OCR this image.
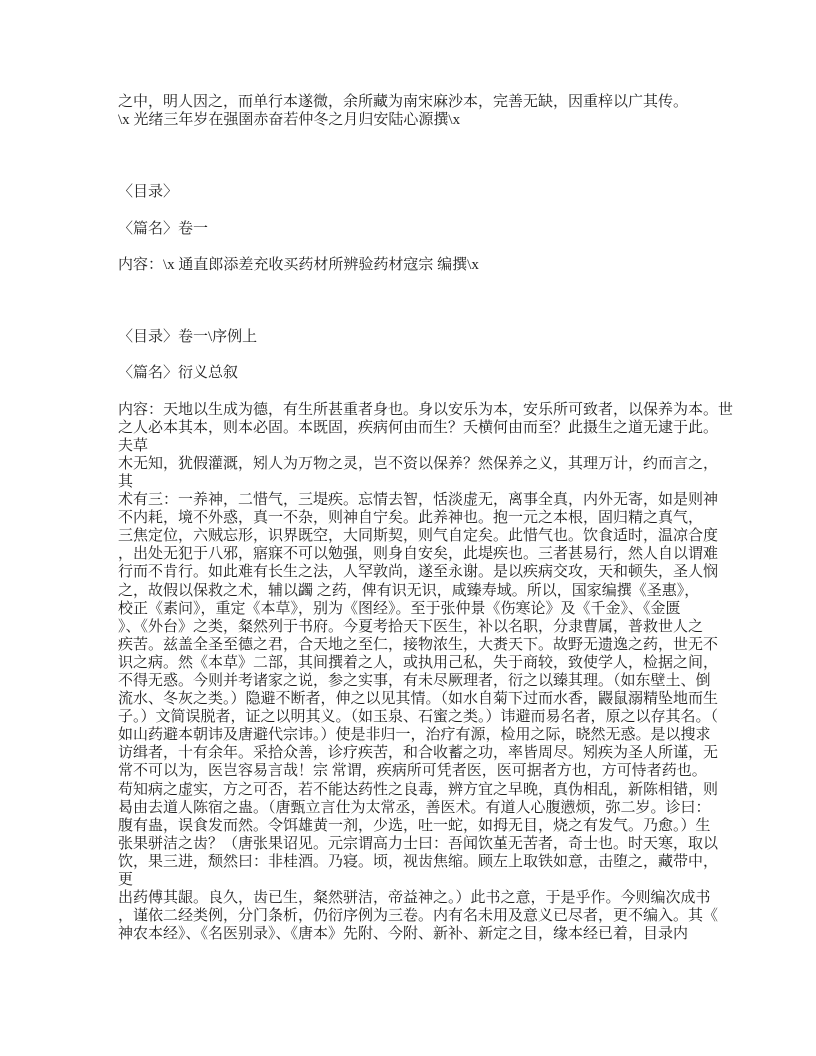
之中，明人因之，而单行本遂微，余所藏为南宋麻沙本，完善无缺，因重梓以广其传。
\x 光绪三年岁在强圉赤奋若仲冬之月归安陆心源撰\x

〈目录〉

〈篇名〉卷一

内容：\x 通直郎添差充收买药材所辨验药材寇宗 编撰\x

〈目录〉卷一\序例上

〈篇名〉衍义总叙

内容：天地以生成为德，有生所甚重者身也。身以安乐为本，安乐所可致者，以保养为本。世
之人必本其本，则本必固。本既固，疾病何由而生？夭横何由而至？此摄生之道无逮于此。
夫草
木无知，犹假灌溉，矧人为万物之灵，岂不资以保养？然保养之义，其理万计，约而言之，
其
术有三：一养神，二惜气，三堤疾。忘情去智，恬淡虚无，离事全真，内外无寄，如是则神
不内耗，境不外惑，真一不杂，则神自宁矣。此养神也。抱一元之本根，固归精之真气，
三焦定位，六贼忘形，识界既空，大同斯契，则气自定矣。此惜气也。饮食适时，温凉合度
，出处无犯于八邪，寤寐不可以勉强，则身自安矣，此堤疾也。三者甚易行，然人自以谓难
行而不肯行。如此难有长生之法，人罕敦尚，遂至永谢。是以疾病交攻，天和顿失，圣人悯
之，故假以保救之术，辅以蠲 之药，俾有识无识，咸臻寿域。所以，国家编撰《圣惠》，
校正《素问》，重定《本草》，别为《图经》。至于张仲景《伤寒论》及《千金》、《金匮
》、《外台》之类，粲然列于书府。今夏考拾天下医生，补以名职，分隶曹属，普救世人之
疾苦。兹盖全圣至德之君，合天地之至仁，接物浓生，大赉天下。故野无遗逸之药，世无不
识之病。然《本草》二部，其间撰着之人，或执用己私，失于商较，致使学人，检据之间，
不得无惑。今则并考诸家之说，参之实事，有未尽厥理者，衍之以臻其理。（如东壁土、倒
流水、冬灰之类。）隐避不断者，伸之以见其情。（如水自菊下过而水香，鼹鼠溺精坠地而生
子。）文简误脱者，证之以明其义。（如玉泉、石蜜之类。）讳避而易名者，原之以存其名。（
如山药避本朝讳及唐避代宗讳。）使是非归一，治疗有源，检用之际，晓然无惑。是以搜求
访缉者，十有余年。采拾众善，诊疗疾苦，和合收蓄之功，率皆周尽。矧疾为圣人所谨，无
常不可以为，医岂容易言哉！宗 常谓，疾病所可凭者医，医可据者方也，方可恃者药也。
苟知病之虚实，方之可否，若不能达药性之良毒，辨方宜之早晚，真伪相乱，新陈相错，则
曷由去道人陈宿之蛊。（唐甄立言仕为太常丞，善医术。有道人心腹懑烦，弥二岁。诊曰：
腹有蛊，误食发而然。令饵雄黄一剂，少选，吐一蛇，如拇无目，烧之有发气。乃愈。）生
张果骈洁之齿？（唐张果诏见。元宗谓高力士曰：吾闻饮堇无苦者，奇士也。时天寒，取以
饮，果三进，颓然曰：非桂酒。乃寝。顷，视齿焦缩。顾左上取铁如意，击堕之，藏带中，
更
出药傅其龈。良久，齿已生，粲然骈洁，帝益神之。）此书之意，于是乎作。今则编次成书
，谨依二经类例，分门条析，仍衍序例为三卷。内有名未用及意义已尽者，更不编入。其《
神农本经》、《名医别录》、《唐本》先附、今附、新补、新定之目，缘本经已着，目录内
